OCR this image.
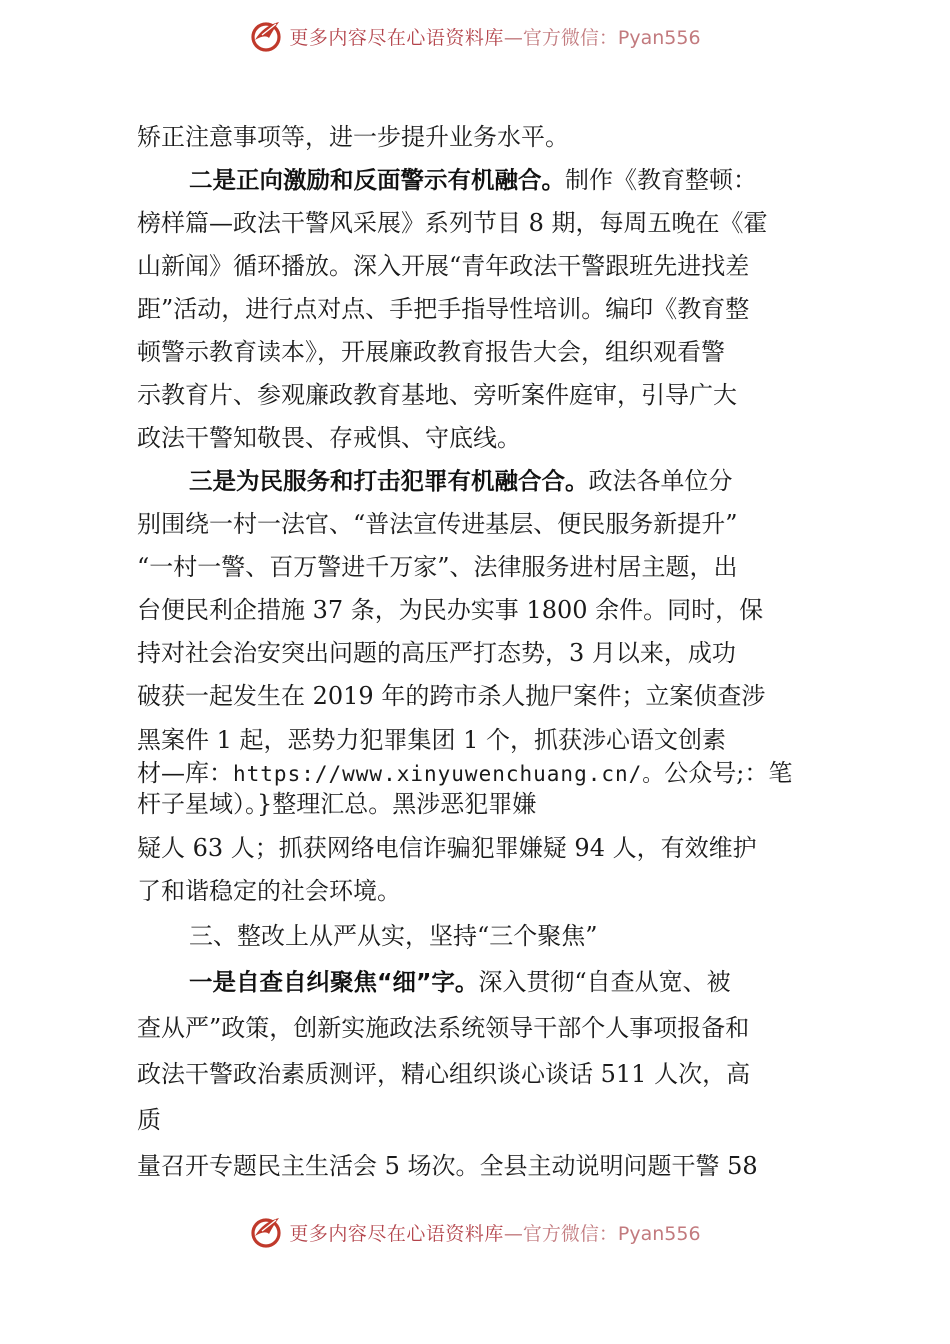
更多内容尽在心语资料库 —官方微信：Pyan556
矫正注意事项等，进一步提升业务水平。
二是正向激励和反面警示有机融合。制作《教育整顿：
榜样篇—政法干警风采展》系列节目 8 期，每周五晚在《霍
山新闻》循环播放。深入开展“青年政法干警跟班先进找差
距”活动，进行点对点、手把手指导性培训。编印《教育整
顿警示教育读本》，开展廉政教育报告大会，组织观看警
示教育片、参观廉政教育基地、旁听案件庭审，引导广大
政法干警知敬畏、存戒惧、守底线。
三是为民服务和打击犯罪有机融合合。政法各单位分
别围绕一村一法官、“普法宣传进基层、便民服务新提升”
“一村一警、百万警进千万家”、法律服务进村居主题，出
台便民利企措施 37 条，为民办实事 1800 余件。同时，保
持对社会治安突出问题的高压严打态势，3 月以来，成功
破获一起发生在 2019 年的跨市杀人抛尸案件；立案侦查涉
黑案件 1 起，恶势力犯罪集团 1 个，抓获涉心语文创素
材—库：https://www.xinyuwenchuang.cn/。公众号;：笔
杆子星域）。}整理汇总。黑涉恶犯罪嫌
疑人 63 人；抓获网络电信诈骗犯罪嫌疑 94 人，有效维护
了和谐稳定的社会环境。
三、整改上从严从实，坚持“三个聚焦”
一是自查自纠聚焦“细”字。深入贯彻“自查从宽、被
查从严”政策，创新实施政法系统领导干部个人事项报备和
政法干警政治素质测评，精心组织谈心谈话 511 人次，高
质
量召开专题民主生活会 5 场次。全县主动说明问题干警 58
更多内容尽在心语资料库 —官方微信：Pyan556
